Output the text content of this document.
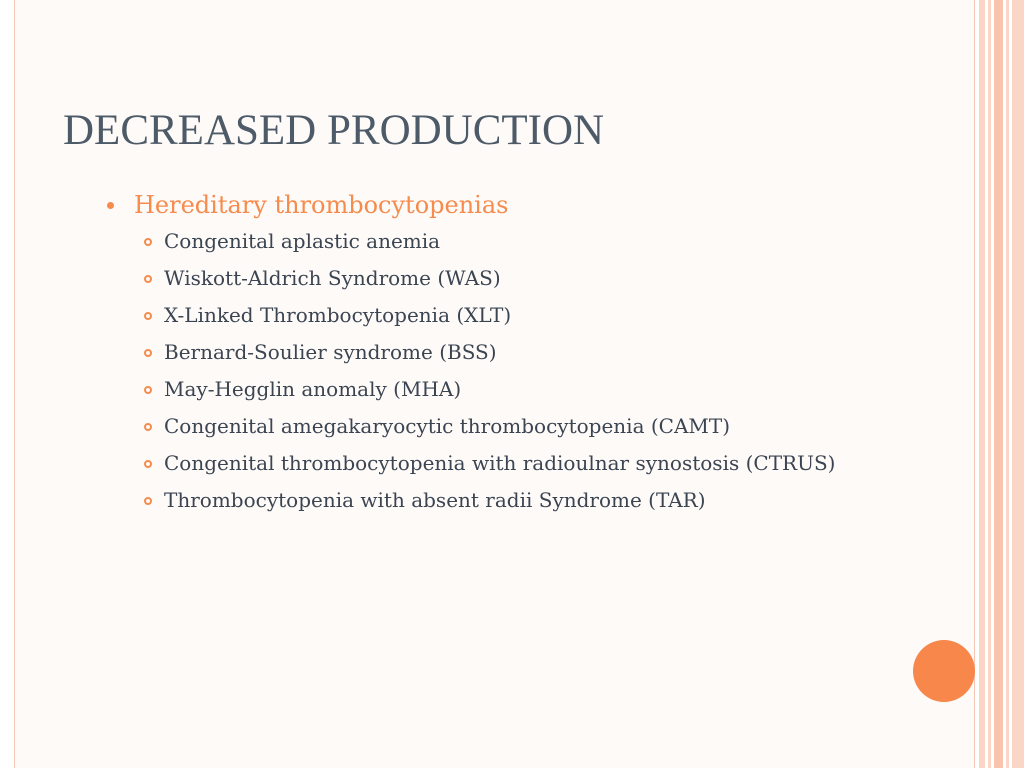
DECREASED PRODUCTION
Hereditary thrombocytopenias
Congenital aplastic anemia
Wiskott-Aldrich Syndrome (WAS)
X-Linked Thrombocytopenia (XLT)
Bernard-Soulier syndrome (BSS)
May-Hegglin anomaly (MHA)
Congenital amegakaryocytic thrombocytopenia (CAMT)
Congenital thrombocytopenia with radioulnar synostosis (CTRUS)
Thrombocytopenia with absent radii Syndrome (TAR)
